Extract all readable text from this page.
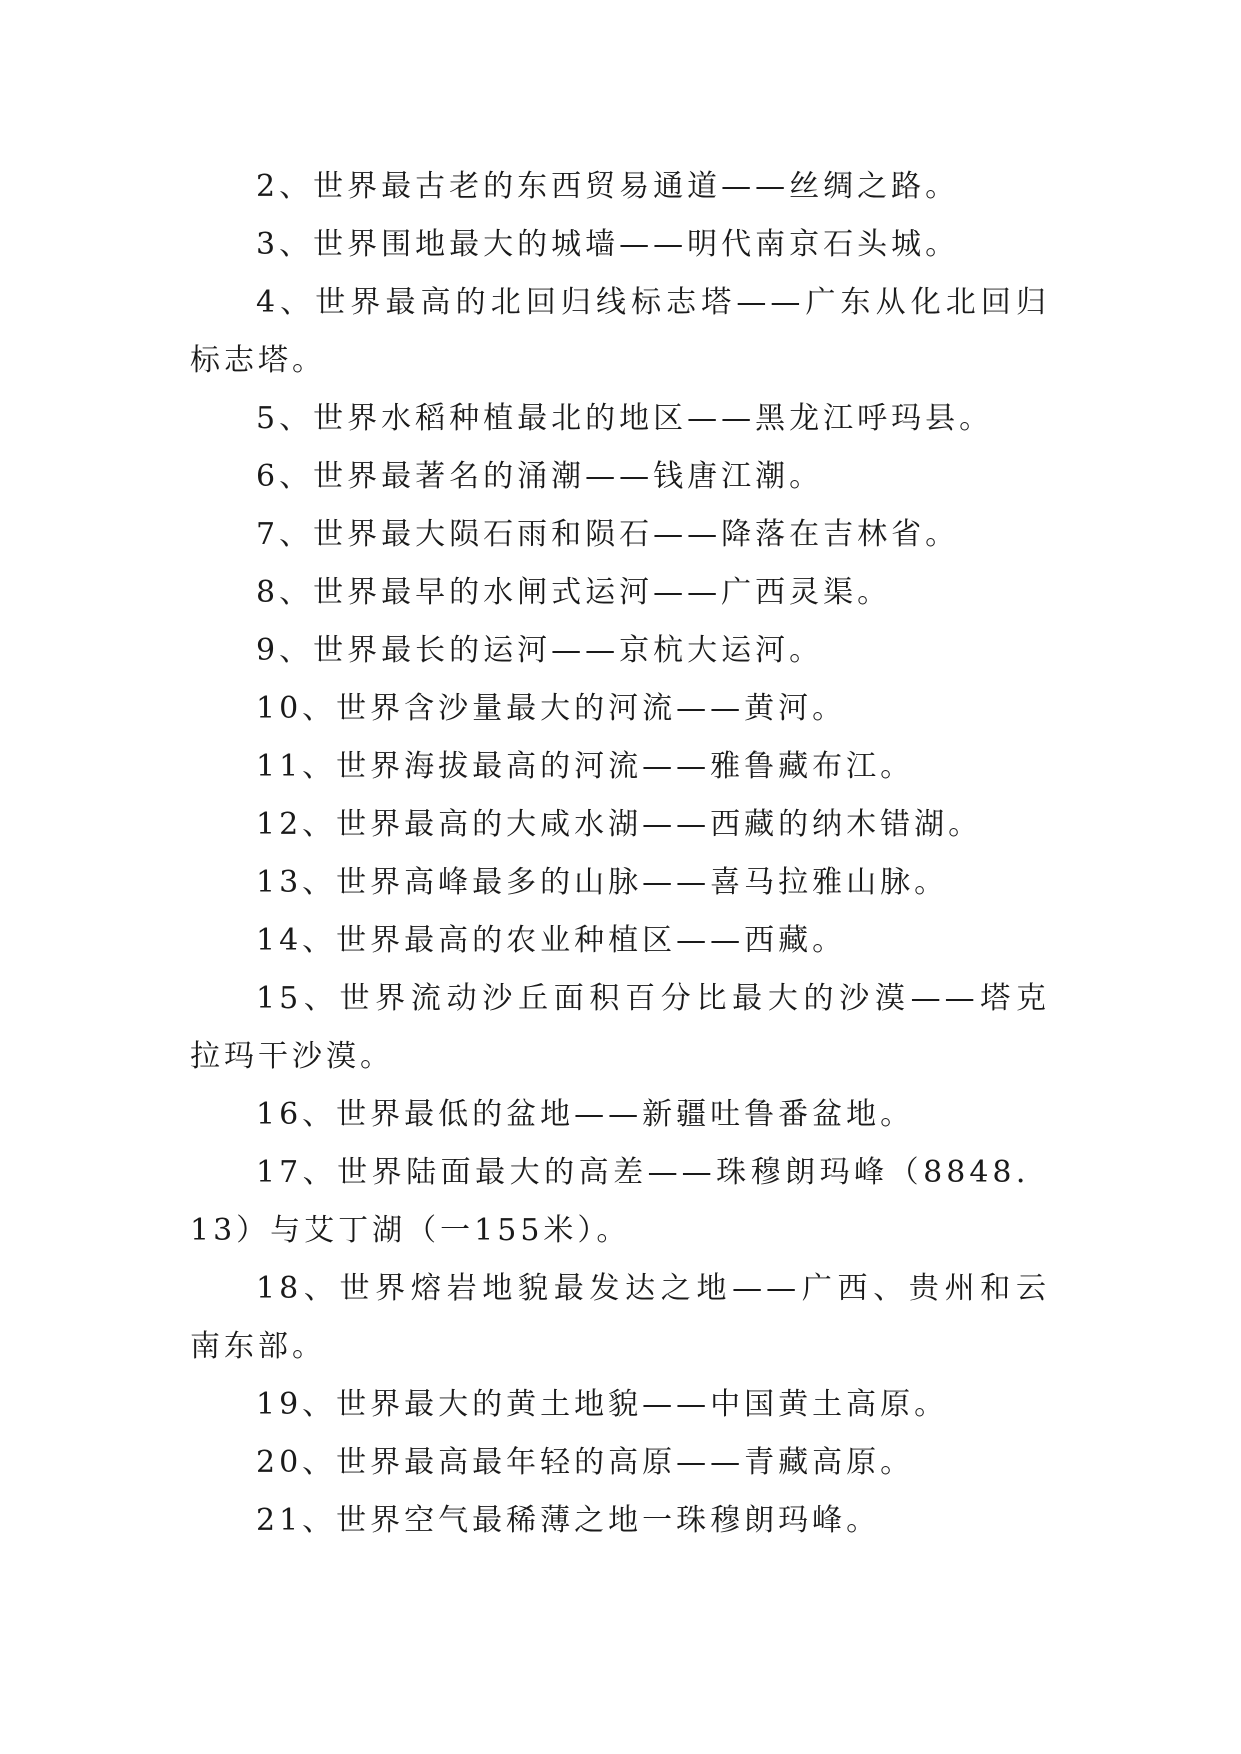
2、世界最古老的东西贸易通道——丝绸之路。

3、世界围地最大的城墙——明代南京石头城。

4、世界最高的北回归线标志塔——广东从化北回归标志塔。

5、世界水稻种植最北的地区——黑龙江呼玛县。

6、世界最著名的涌潮——钱唐江潮。

7、世界最大陨石雨和陨石——降落在吉林省。

8、世界最早的水闸式运河——广西灵渠。

9、世界最长的运河——京杭大运河。

10、世界含沙量最大的河流——黄河。

11、世界海拔最高的河流——雅鲁藏布江。

12、世界最高的大咸水湖——西藏的纳木错湖。

13、世界高峰最多的山脉——喜马拉雅山脉。

14、世界最高的农业种植区——西藏。

15、世界流动沙丘面积百分比最大的沙漠——塔克拉玛干沙漠。

16、世界最低的盆地——新疆吐鲁番盆地。

17、世界陆面最大的高差——珠穆朗玛峰（8848．13）与艾丁湖（一155米）。

18、世界熔岩地貌最发达之地——广西、贵州和云南东部。

19、世界最大的黄土地貌——中国黄土高原。

20、世界最高最年轻的高原——青藏高原。

21、世界空气最稀薄之地一珠穆朗玛峰。
